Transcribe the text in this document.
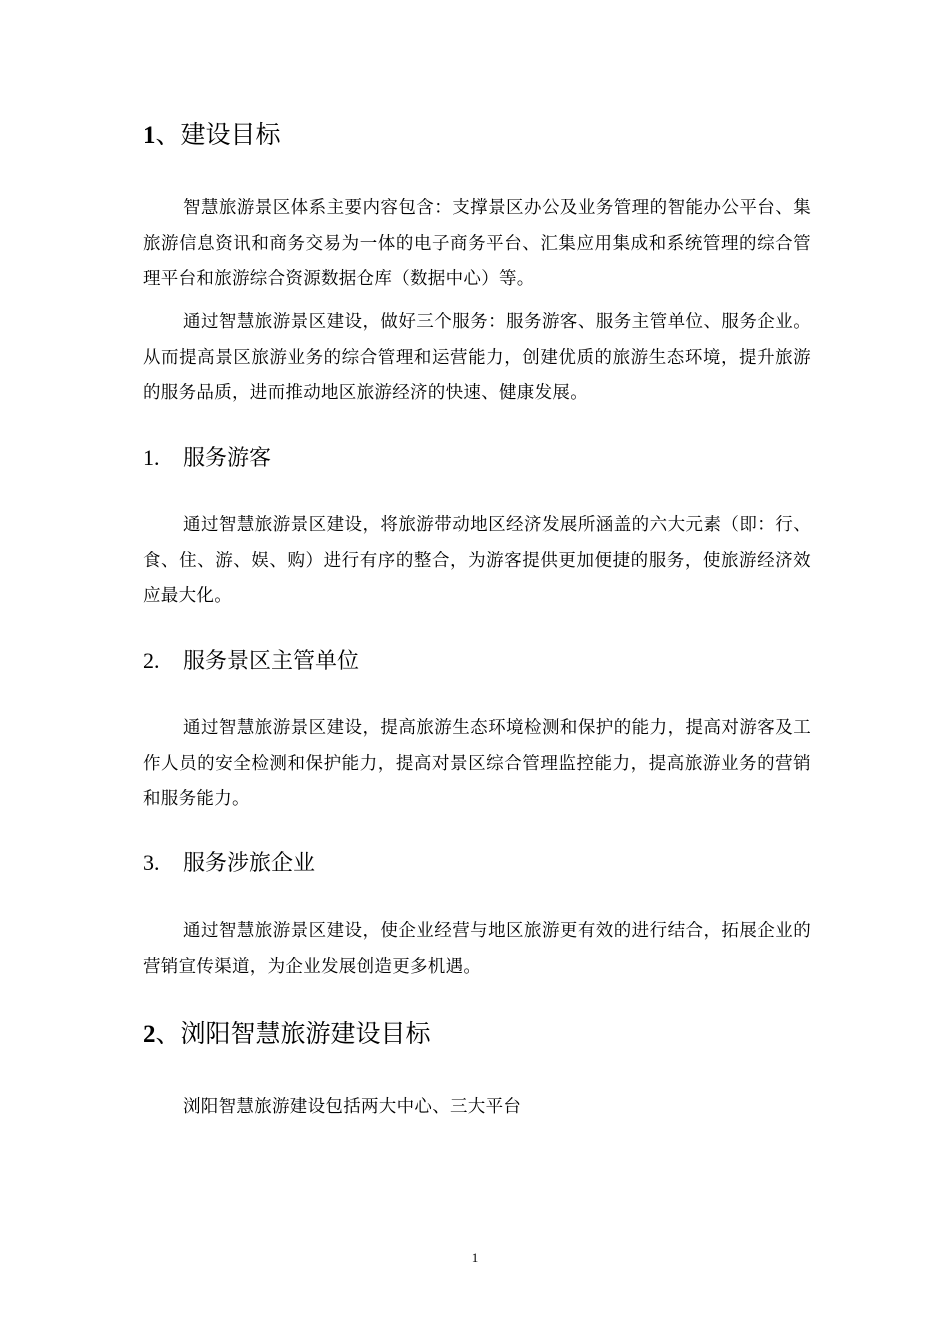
1、建设目标

智慧旅游景区体系主要内容包含：支撑景区办公及业务管理的智能办公平台、集旅游信息资讯和商务交易为一体的电子商务平台、汇集应用集成和系统管理的综合管理平台和旅游综合资源数据仓库（数据中心）等。

通过智慧旅游景区建设，做好三个服务：服务游客、服务主管单位、服务企业。从而提高景区旅游业务的综合管理和运营能力，创建优质的旅游生态环境，提升旅游的服务品质，进而推动地区旅游经济的快速、健康发展。

1. 服务游客

通过智慧旅游景区建设，将旅游带动地区经济发展所涵盖的六大元素（即：行、食、住、游、娱、购）进行有序的整合，为游客提供更加便捷的服务，使旅游经济效应最大化。

2. 服务景区主管单位

通过智慧旅游景区建设，提高旅游生态环境检测和保护的能力，提高对游客及工作人员的安全检测和保护能力，提高对景区综合管理监控能力，提高旅游业务的营销和服务能力。

3. 服务涉旅企业

通过智慧旅游景区建设，使企业经营与地区旅游更有效的进行结合，拓展企业的营销宣传渠道，为企业发展创造更多机遇。

2、浏阳智慧旅游建设目标

浏阳智慧旅游建设包括两大中心、三大平台

1
